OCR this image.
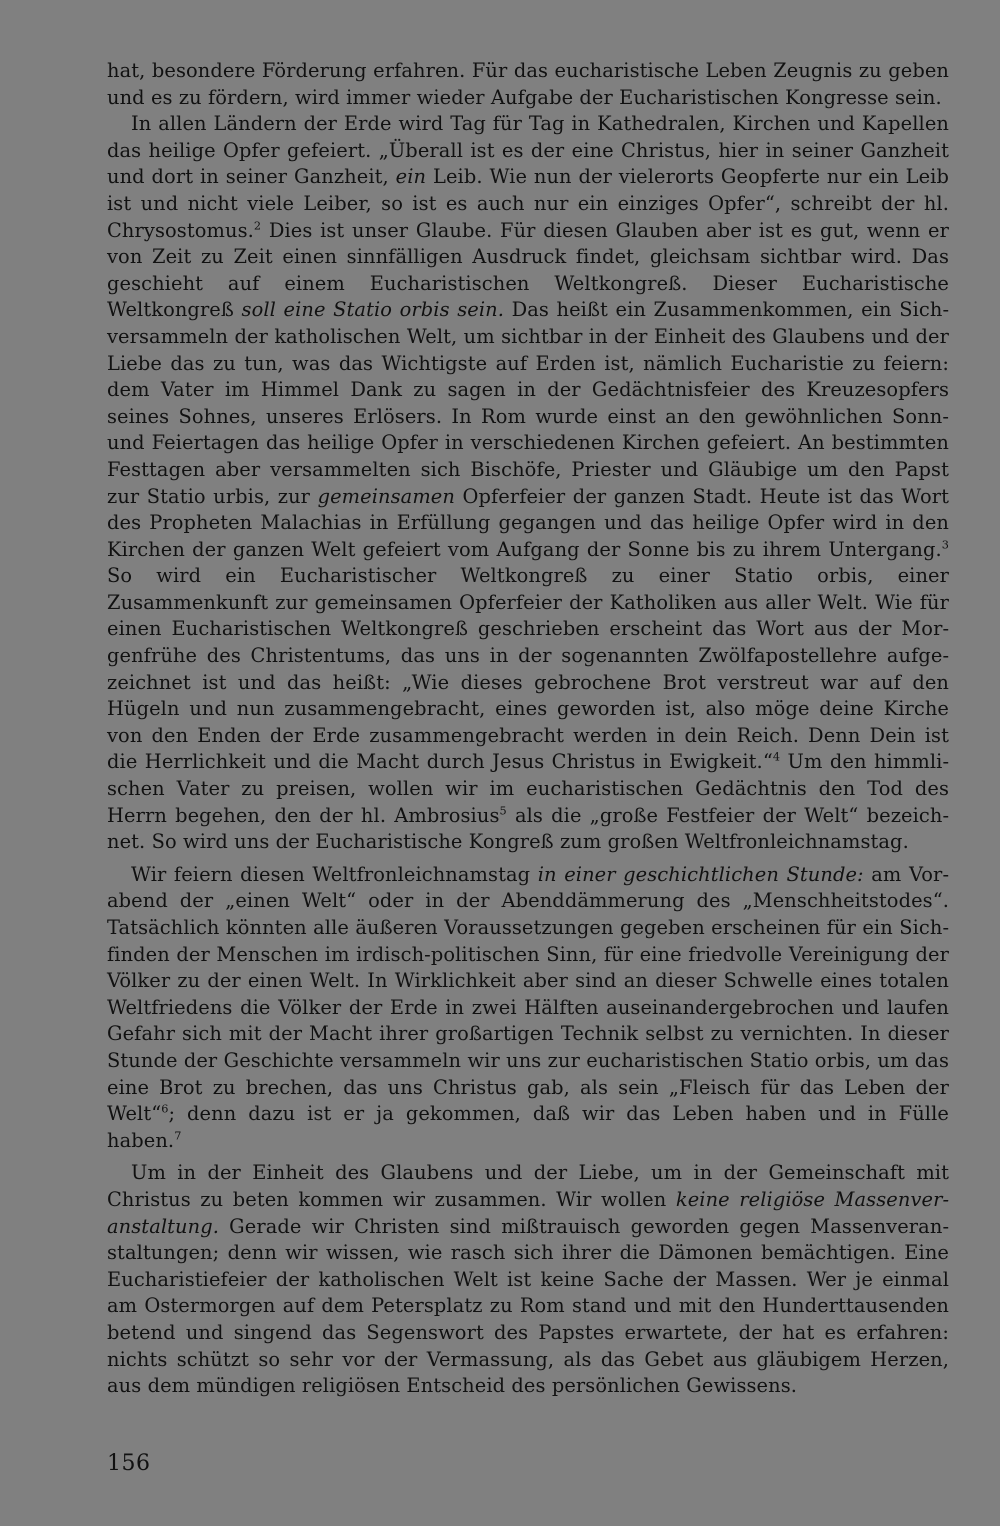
hat, besondere Förderung erfahren. Für das eucharistische Leben Zeugnis zu geben und es zu fördern, wird immer wieder Aufgabe der Eucharistischen Kongresse sein.

In allen Ländern der Erde wird Tag für Tag in Kathedralen, Kirchen und Kapellen das heilige Opfer gefeiert. „Überall ist es der eine Christus, hier in seiner Ganzheit und dort in seiner Ganzheit, ein Leib. Wie nun der vielerorts Geopferte nur ein Leib ist und nicht viele Leiber, so ist es auch nur ein einziges Opfer“, schreibt der hl. Chrysostomus.$^2$ Dies ist unser Glaube. Für diesen Glauben aber ist es gut, wenn er von Zeit zu Zeit einen sinnfälligen Ausdruck findet, gleichsam sichtbar wird. Das geschieht auf einem Eucharistischen Weltkongreß. Dieser Eucharistische Weltkongreß soll eine Statio orbis sein. Das heißt ein Zusammenkommen, ein Sichversammeln der katholischen Welt, um sichtbar in der Einheit des Glaubens und der Liebe das zu tun, was das Wichtigste auf Erden ist, nämlich Eucharistie zu feiern: dem Vater im Himmel Dank zu sagen in der Gedächtnisfeier des Kreuzesopfers seines Sohnes, unseres Erlösers. In Rom wurde einst an den gewöhnlichen Sonn- und Feiertagen das heilige Opfer in verschiedenen Kirchen gefeiert. An bestimmten Festtagen aber versammelten sich Bischöfe, Priester und Gläubige um den Papst zur Statio urbis, zur gemeinsamen Opferfeier der ganzen Stadt. Heute ist das Wort des Propheten Malachias in Erfüllung gegangen und das heilige Opfer wird in den Kirchen der ganzen Welt gefeiert vom Aufgang der Sonne bis zu ihrem Untergang.$^3$ So wird ein Eucharistischer Weltkongreß zu einer Statio orbis, einer Zusammenkunft zur gemeinsamen Opferfeier der Katholiken aus aller Welt. Wie für einen Eucharistischen Weltkongreß geschrieben erscheint das Wort aus der Morgenfrühe des Christentums, das uns in der sogenannten Zwölfapostellehre aufgezeichnet ist und das heißt: „Wie dieses gebrochene Brot verstreut war auf den Hügeln und nun zusammengebracht, eines geworden ist, also möge deine Kirche von den Enden der Erde zusammengebracht werden in dein Reich. Denn Dein ist die Herrlichkeit und die Macht durch Jesus Christus in Ewigkeit.“$^4$ Um den himmlischen Vater zu preisen, wollen wir im eucharistischen Gedächtnis den Tod des Herrn begehen, den der hl. Ambrosius$^5$ als die „große Festfeier der Welt“ bezeichnet. So wird uns der Eucharistische Kongreß zum großen Weltfronleichnamstag.

Wir feiern diesen Weltfronleichnamstag in einer geschichtlichen Stunde: am Vorabend der „einen Welt“ oder in der Abenddämmerung des „Menschheitstodes“. Tatsächlich könnten alle äußeren Voraussetzungen gegeben erscheinen für ein Sichfinden der Menschen im irdisch-politischen Sinn, für eine friedvolle Vereinigung der Völker zu der einen Welt. In Wirklichkeit aber sind an dieser Schwelle eines totalen Weltfriedens die Völker der Erde in zwei Hälften auseinandergebrochen und laufen Gefahr sich mit der Macht ihrer großartigen Technik selbst zu vernichten. In dieser Stunde der Geschichte versammeln wir uns zur eucharistischen Statio orbis, um das eine Brot zu brechen, das uns Christus gab, als sein „Fleisch für das Leben der Welt“$^6$; denn dazu ist er ja gekommen, daß wir das Leben haben und in Fülle haben.$^7$

Um in der Einheit des Glaubens und der Liebe, um in der Gemeinschaft mit Christus zu beten kommen wir zusammen. Wir wollen keine religiöse Massenveranstaltung. Gerade wir Christen sind mißtrauisch geworden gegen Massenveranstaltungen; denn wir wissen, wie rasch sich ihrer die Dämonen bemächtigen. Eine Eucharistiefeier der katholischen Welt ist keine Sache der Massen. Wer je einmal am Ostermorgen auf dem Petersplatz zu Rom stand und mit den Hunderttausenden betend und singend das Segenswort des Papstes erwartete, der hat es erfahren: nichts schützt so sehr vor der Vermassung, als das Gebet aus gläubigem Herzen, aus dem mündigen religiösen Entscheid des persönlichen Gewissens.

156
